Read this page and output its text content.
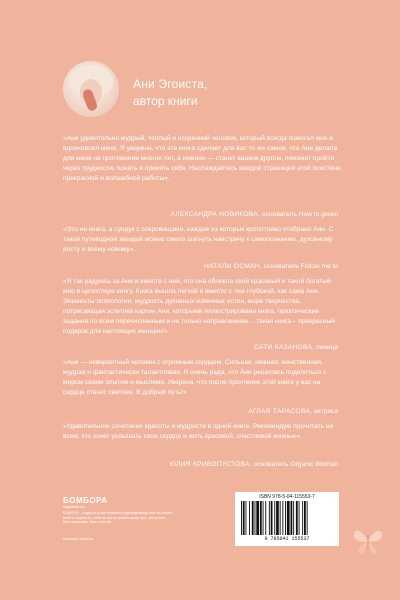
Ани Эгоиста,
автор книги
«Ани удивительно мудрый, теплый и искренний человек, который всегда помогал мне и вдохновлял меня. Я уверена, что эта книга сделает для вас то же самое, что Ани делала для меня на протяжении многих лет, а именно — станет вашим другом, поможет пройти через трудности, понять и принять себя. Наслаждайтесь каждой страницей этой поистине прекрасной и волшебной работы».
АЛЕКСАНДРА НОВИКОВА, основатель How to green
«Это не книга, а сундук с сокровищами, каждое из которых кропотливо отобрано Ани. С такой путеводной звездой можно смело шагнуть навстречу к самопознанию, духовному росту и всему новому».
НАТАЛИ ОСМАН, основатель Follow me to
«Я так радуюсь за Ани и вместе с ней, что она облекла свой красивый и такой богатый мир в целостную книгу. Книга вышла легкой и вместе с тем глубокой, как сама Ани. Элементы психологии, мудрость духовных извечных истин, море творчества, потрясающая эстетика картин Ани, которыми иллюстрирована книга, практические задания по всем перечисленным и не только направлениям… такая книга – прекрасный подарок для настоящих женщин!»
САТИ КАЗАНОВА, певица
«Ани — невероятный человек с огромным сердцем. Сильная, нежная, женственная, мудрая и фантастически талантливая. Я очень рада, что Ани решилась поделиться с миром своим опытом и мыслями. Уверена, что после прочтения этой книги у вас на сердце станет светлее. В добрый путь!»
АГЛАЯ ТАРАСОВА, актриса
«Удивительное сочетание красоты и мудрости в одной книге. Рекомендую прочитать ее всем, кто хочет услышать свое сердце и жить красивой, счастливой жизнью».
ЮЛИЯ КРИВОПУСТОВА, основатель Organic Woman
БОМБОРА
издательство
БОМБОРА – лидер на рынке полезных и вдохновляющих книг. Мы любим книги и создаем их, чтобы вы могли прожить жизнь ярче, интереснее, быть счастливее. Быть на волне.
bombora.ru bombora
ISBN 978-5-04-115553-7
9 785041 155537
